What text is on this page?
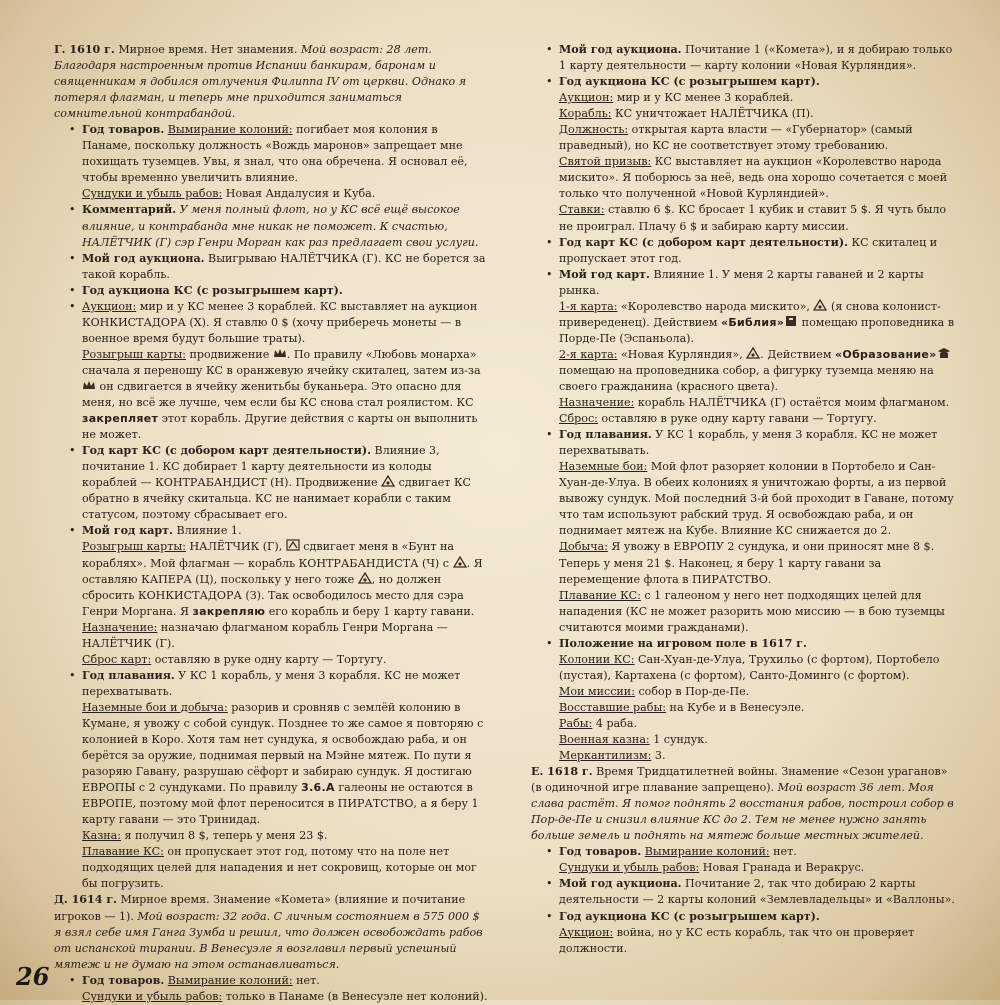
Г. 1610 г. Мирное время. Нет знамения. Мой возраст: 28 лет. Благодаря настроенным против Испании банкирам, баронам и священникам я добился отлучения Филиппа IV от церкви. Однако я потерял флагман, и теперь мне приходится заниматься сомнительной контрабандой.

• Год товаров. Вымирание колоний: погибает моя колония в Панаме, поскольку должность «Вождь маронов» запрещает мне похищать туземцев. Увы, я знал, что она обречена. Я основал её, чтобы временно увеличить влияние.

Сундуки и убыль рабов: Новая Андалусия и Куба.

• Комментарий. У меня полный флот, но у КС всё ещё высокое влияние, и контрабанда мне никак не поможет. К счастью, НАЛЁТЧИК (Г) сэр Генри Морган как раз предлагает свои услуги.

• Мой год аукциона. Выигрываю НАЛЁТЧИКА (Г). КС не борется за такой корабль.

• Год аукциона КС (с розыгрышем карт).

• Аукцион: мир и у КС менее 3 кораблей. КС выставляет на аукцион КОНКИСТАДОРА (Х). Я ставлю 0 $ (хочу приберечь монеты — в военное время будут большие траты).

Розыгрыш карты: продвижение . По правилу «Любовь монарха» сначала я переношу КС в оранжевую ячейку скиталец, затем из-за  он сдвигается в ячейку женитьбы буканьера. Это опасно для меня, но всё же лучше, чем если бы КС снова стал роялистом. КС закрепляет этот корабль. Другие действия с карты он выполнить не может.

• Год карт КС (с добором карт деятельности). Влияние 3, почитание 1. КС добирает 1 карту деятельности из колоды кораблей — КОНТРАБАНДИСТ (Н). Продвижение  сдвигает КС обратно в ячейку скитальца. КС не нанимает корабли с таким статусом, поэтому сбрасывает его.

• Мой год карт. Влияние 1.

Розыгрыш карты: НАЛЁТЧИК (Г),  сдвигает меня в «Бунт на кораблях». Мой флагман — корабль КОНТРАБАНДИСТА (Ч) с . Я оставляю КАПЕРА (Ц), поскольку у него тоже , но должен сбросить КОНКИСТАДОРА (З). Так освободилось место для сэра Генри Моргана. Я закрепляю его корабль и беру 1 карту гавани.

Назначение: назначаю флагманом корабль Генри Моргана — НАЛЁТЧИК (Г).

Сброс карт: оставляю в руке одну карту — Тортугу.

• Год плавания. У КС 1 корабль, у меня 3 корабля. КС не может перехватывать.

Наземные бои и добыча: разорив и сровняв с землёй колонию в Кумане, я увожу с собой сундук. Позднее то же самое я повторяю с колонией в Коро. Хотя там нет сундука, я освобождаю раба, и он берётся за оружие, поднимая первый на Мэйне мятеж. По пути я разоряю Гавану, разрушаю сёфорт и забираю сундук. Я достигаю ЕВРОПЫ с 2 сундуками. По правилу 3.6.А галеоны не остаются в ЕВРОПЕ, поэтому мой флот переносится в ПИРАТСТВО, а я беру 1 карту гавани — это Тринидад.

Казна: я получил 8 $, теперь у меня 23 $.

Плавание КС: он пропускает этот год, потому что на поле нет подходящих целей для нападения и нет сокровищ, которые он мог бы погрузить.

Д. 1614 г. Мирное время. Знамение «Комета» (влияние и почитание игроков — 1). Мой возраст: 32 года. С личным состоянием в 575 000 $ я взял себе имя Ганга Зумба и решил, что должен освобождать рабов от испанской тирании. В Венесуэле я возглавил первый успешный мятеж и не думаю на этом останавливаться.

• Год товаров. Вымирание колоний: нет.

Сундуки и убыль рабов: только в Панаме (в Венесуэле нет колоний).

• Мой год аукциона. Почитание 1 («Комета»), и я добираю только 1 карту деятельности — карту колонии «Новая Курляндия».

• Год аукциона КС (с розыгрышем карт).

Аукцион: мир и у КС менее 3 кораблей.

Корабль: КС уничтожает НАЛЁТЧИКА (П).

Должность: открытая карта власти — «Губернатор» (самый праведный), но КС не соответствует этому требованию.

Святой призыв: КС выставляет на аукцион «Королевство народа мискито». Я поборюсь за неё, ведь она хорошо сочетается с моей только что полученной «Новой Курляндией».

Ставки: ставлю 6 $. КС бросает 1 кубик и ставит 5 $. Я чуть было не проиграл. Плачу 6 $ и забираю карту миссии.

• Год карт КС (с добором карт деятельности). КС скиталец и пропускает этот год.

• Мой год карт. Влияние 1. У меня 2 карты гаваней и 2 карты рынка.

1-я карта: «Королевство народа мискито»,  (я снова колонист-привереденец). Действием «Библия» помещаю проповедника в Порде-Пе (Эспаньола).

2-я карта: «Новая Курляндия», . Действием «Образование» помещаю на проповедника собор, а фигурку туземца меняю на своего гражданина (красного цвета).

Назначение: корабль НАЛЁТЧИКА (Г) остаётся моим флагманом.

Сброс: оставляю в руке одну карту гавани — Тортугу.

• Год плавания. У КС 1 корабль, у меня 3 корабля. КС не может перехватывать.

Наземные бои: Мой флот разоряет колонии в Портобело и Сан-Хуан-де-Улуа. В обеих колониях я уничтожаю форты, а из первой вывожу сундук. Мой последний 3-й бой проходит в Гаване, потому что там используют рабский труд. Я освобождаю раба, и он поднимает мятеж на Кубе. Влияние КС снижается до 2.

Добыча: Я увожу в ЕВРОПУ 2 сундука, и они приносят мне 8 $. Теперь у меня 21 $. Наконец, я беру 1 карту гавани за перемещение флота в ПИРАТСТВО.

Плавание КС: с 1 галеоном у него нет подходящих целей для нападения (КС не может разорить мою миссию — в бою туземцы считаются моими гражданами).

• Положение на игровом поле в 1617 г.

Колонии КС: Сан-Хуан-де-Улуа, Трухильо (с фортом), Портобело (пустая), Картахена (с фортом), Санто-Доминго (с фортом).

Мои миссии: собор в Пор-де-Пе.

Восставшие рабы: на Кубе и в Венесуэле.

Рабы: 4 раба.

Военная казна: 1 сундук.

Меркантилизм: 3.

Е. 1618 г. Время Тридцатилетней войны. Знамение «Сезон ураганов» (в одиночной игре плавание запрещено). Мой возраст 36 лет. Моя слава растёт. Я помог поднять 2 восстания рабов, построил собор в Пор-де-Пе и снизил влияние КС до 2. Тем не менее нужно занять больше земель и поднять на мятеж больше местных жителей.

• Год товаров. Вымирание колоний: нет.

Сундуки и убыль рабов: Новая Гранада и Веракрус.

• Мой год аукциона. Почитание 2, так что добираю 2 карты деятельности — 2 карты колоний «Землевладельцы» и «Валлоны».

• Год аукциона КС (с розыгрышем карт).

Аукцион: война, но у КС есть корабль, так что он проверяет должности.

26
